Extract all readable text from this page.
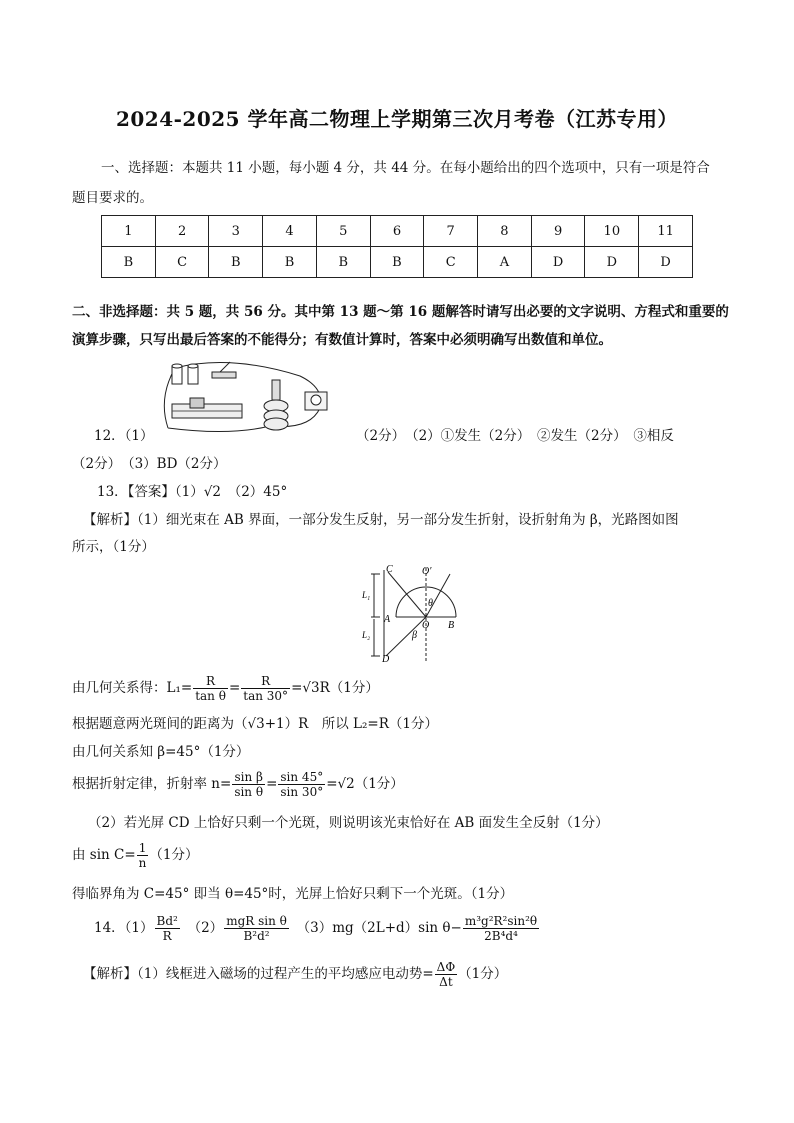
2024-2025 学年高二物理上学期第三次月考卷（江苏专用）
一、选择题：本题共 11 小题，每小题 4 分，共 44 分。在每小题给出的四个选项中，只有一项是符合
题目要求的。
1	2	3	4	5	6	7	8	9	10	11
B	C	B	B	B	B	C	A	D	D	D
二、非选择题：共 5 题，共 56 分。其中第 13 题～第 16 题解答时请写出必要的文字说明、方程式和重要的
演算步骤，只写出最后答案的不能得分；有数值计算时，答案中必须明确写出数值和单位。
12．（1）	（2分）　（2）①发生（2分）　②发生（2分）　③相反
（2分）　（3）BD（2分）
13．【答案】（1）√2　（2）45°
【解析】（1）细光束在 AB 界面，一部分发生反射，另一部分发生折射，设折射角为 β，光路图如图
所示，（1分）
C	O′
L₁
A
O B
L₂
D
θ
β
由几何关系得：$L_1= \frac{R}{\text{tan θ}} = \frac{R}{\tan 30^\circ} =√3R(1$分）
根据题意两光斑间的距离为（√3+1）R　所以 L₂=R（1分）
由几何关系知 β=45°（1分）
根据折射定律，折射率 $n= \frac{\text{sin β}}{\text{sin θ}} = \frac{\sin 45^\circ}{\sin 30^\circ} =√2(1$分）
（2）若光屏 CD 上恰好只剩一个光斑，则说明该光束恰好在 AB 面发生全反射（1分）
由 $\sin C= \frac{1}{n} (1$分）
得临界角为 C=45° 即当 θ=45°时，光屏上恰好只剩下一个光斑。（1分）
14．$(1) \frac{\text{Bd²}}{R}$
　 $(2) \frac{\text{mgR sin θ}}{\text{B²d²}}$
　 （3）mg（2L+d）sin $\theta- \frac{\text{m³g²R²sin²θ}}{\text{2B⁴d⁴}}$
【解析】（1）线框进入磁场的过程产生的平均感应电动势= $\frac{\Delta\Phi}{\Delta t} (1$分）
